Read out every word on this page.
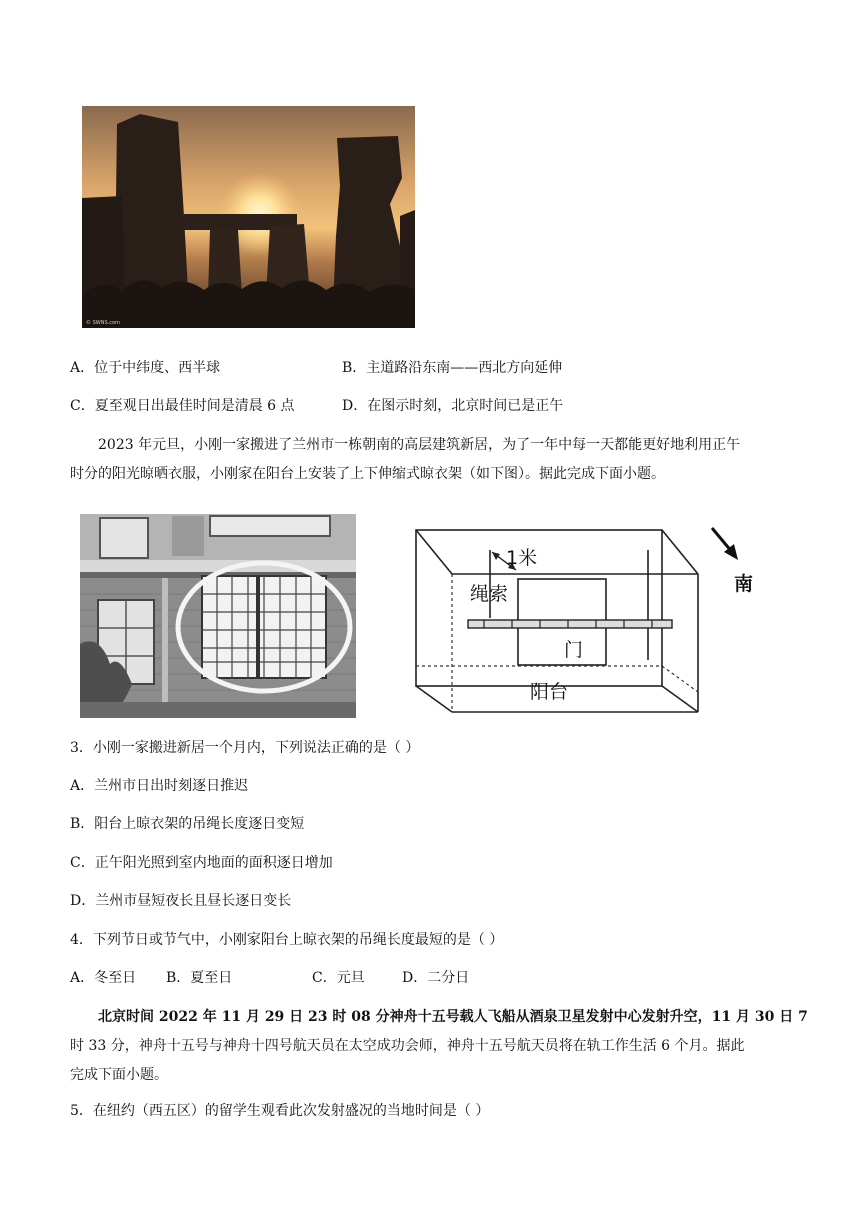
© SWNS.com
A．位于中纬度、西半球	B．主道路沿东南——西北方向延伸
C．夏至观日出最佳时间是清晨 6 点	D．在图示时刻，北京时间已是正午
2023 年元旦，小刚一家搬进了兰州市一栋朝南的高层建筑新居，为了一年中每一天都能更好地利用正午
时分的阳光晾晒衣服，小刚家在阳台上安装了上下伸缩式晾衣架（如下图）。据此完成下面小题。
1米
绳索
门
阳台
南
3．小刚一家搬进新居一个月内，下列说法正确的是（ ）
A．兰州市日出时刻逐日推迟
B．阳台上晾衣架的吊绳长度逐日变短
C．正午阳光照到室内地面的面积逐日增加
D．兰州市昼短夜长且昼长逐日变长
4．下列节日或节气中，小刚家阳台上晾衣架的吊绳长度最短的是（ ）
A．冬至日 B．夏至日	C．元旦	D．二分日
北京时间 2022 年 11 月 29 日 23 时 08 分神舟十五号载人飞船从酒泉卫星发射中心发射升空，11 月 30 日 7
时 33 分，神舟十五号与神舟十四号航天员在太空成功会师，神舟十五号航天员将在轨工作生活 6 个月。据此
完成下面小题。
5．在纽约（西五区）的留学生观看此次发射盛况的当地时间是（ ）
